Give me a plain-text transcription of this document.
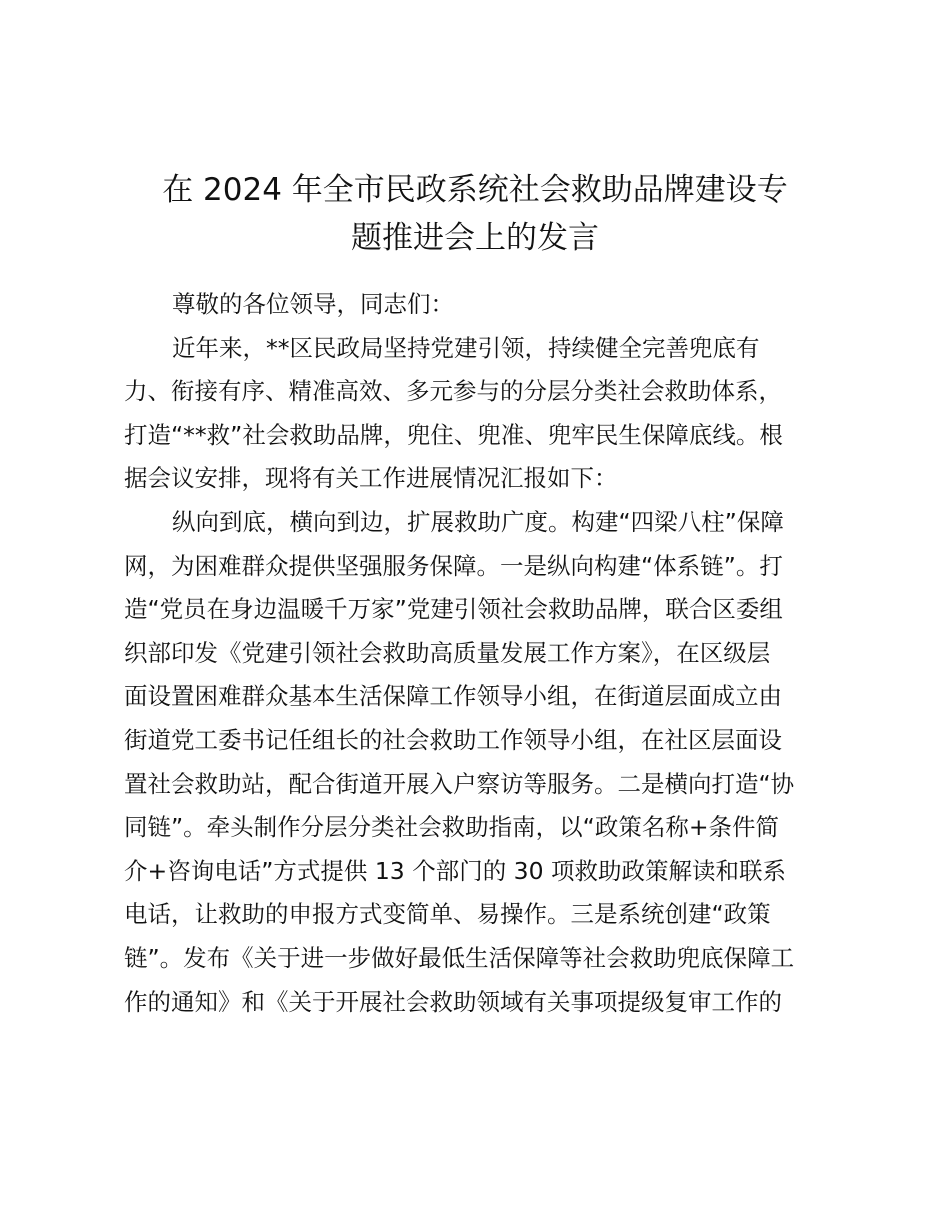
在 2024 年全市民政系统社会救助品牌建设专
题推进会上的发言
尊敬的各位领导，同志们：
近年来，**区民政局坚持党建引领，持续健全完善兜底有
力、衔接有序、精准高效、多元参与的分层分类社会救助体系，
打造“**救”社会救助品牌，兜住、兜准、兜牢民生保障底线。根
据会议安排，现将有关工作进展情况汇报如下：
纵向到底，横向到边，扩展救助广度。构建“四梁八柱”保障
网，为困难群众提供坚强服务保障。一是纵向构建“体系链”。打
造“党员在身边温暖千万家”党建引领社会救助品牌，联合区委组
织部印发《党建引领社会救助高质量发展工作方案》，在区级层
面设置困难群众基本生活保障工作领导小组，在街道层面成立由
街道党工委书记任组长的社会救助工作领导小组，在社区层面设
置社会救助站，配合街道开展入户察访等服务。二是横向打造“协
同链”。牵头制作分层分类社会救助指南，以“政策名称+条件简
介+咨询电话”方式提供 13 个部门的 30 项救助政策解读和联系
电话，让救助的申报方式变简单、易操作。三是系统创建“政策
链”。发布《关于进一步做好最低生活保障等社会救助兜底保障工
作的通知》和《关于开展社会救助领域有关事项提级复审工作的
